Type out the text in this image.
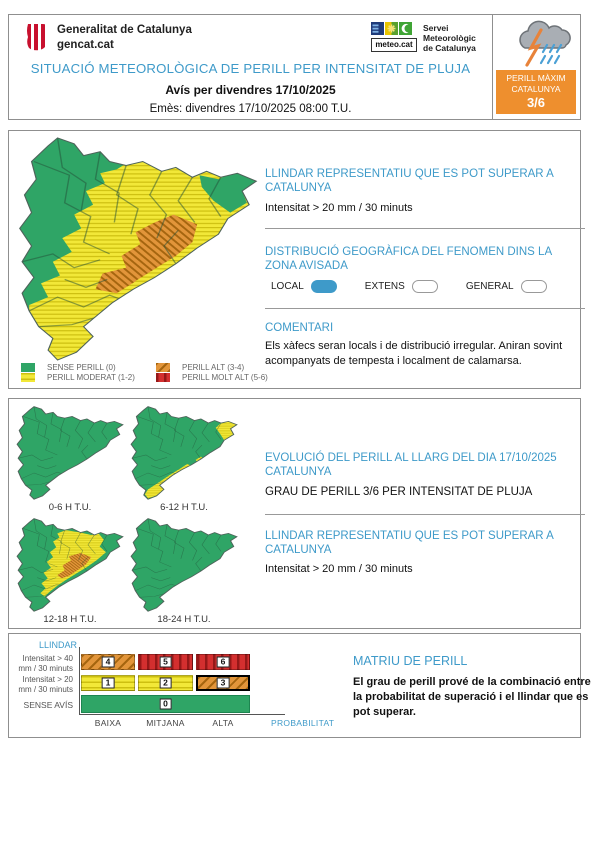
Generalitat de Catalunya
gencat.cat	meteo.cat
Servei
Meteorològic
de Catalunya
SITUACIÓ METEOROLÒGICA DE PERILL PER INTENSITAT DE PLUJA
Avís per divendres 17/10/2025
Emès: divendres 17/10/2025 08:00 T.U.
PERILL MÀXIM
CATALUNYA
3/6
SENSE PERILL (0)
PERILL MODERAT (1-2)
PERILL ALT (3-4)
PERILL MOLT ALT (5-6)
LLINDAR REPRESENTATIU QUE ES POT SUPERAR A CATALUNYA
Intensitat > 20 mm / 30 minuts
DISTRIBUCIÓ GEOGRÀFICA DEL FENOMEN DINS LA ZONA AVISADA
LOCAL	EXTENS	GENERAL
COMENTARI
Els xàfecs seran locals i de distribució irregular. Aniran sovint acompanyats de tempesta i localment de calamarsa.
0-6 H T.U.	6-12 H T.U.
12-18 H T.U.	18-24 H T.U.
EVOLUCIÓ DEL PERILL AL LLARG DEL DIA 17/10/2025 CATALUNYA
GRAU DE PERILL 3/6 PER INTENSITAT DE PLUJA
LLINDAR REPRESENTATIU QUE ES POT SUPERAR A CATALUNYA
Intensitat > 20 mm / 30 minuts
LLINDAR
Intensitat > 40
mm / 30 minuts
Intensitat > 20
mm / 30 minuts
SENSE AVÍS
4	5	6
1	2	3
0
BAIXA	MITJANA	ALTA	PROBABILITAT
MATRIU DE PERILL
El grau de perill prové de la combinació entre la probabilitat de superació i el llindar que es pot superar.
